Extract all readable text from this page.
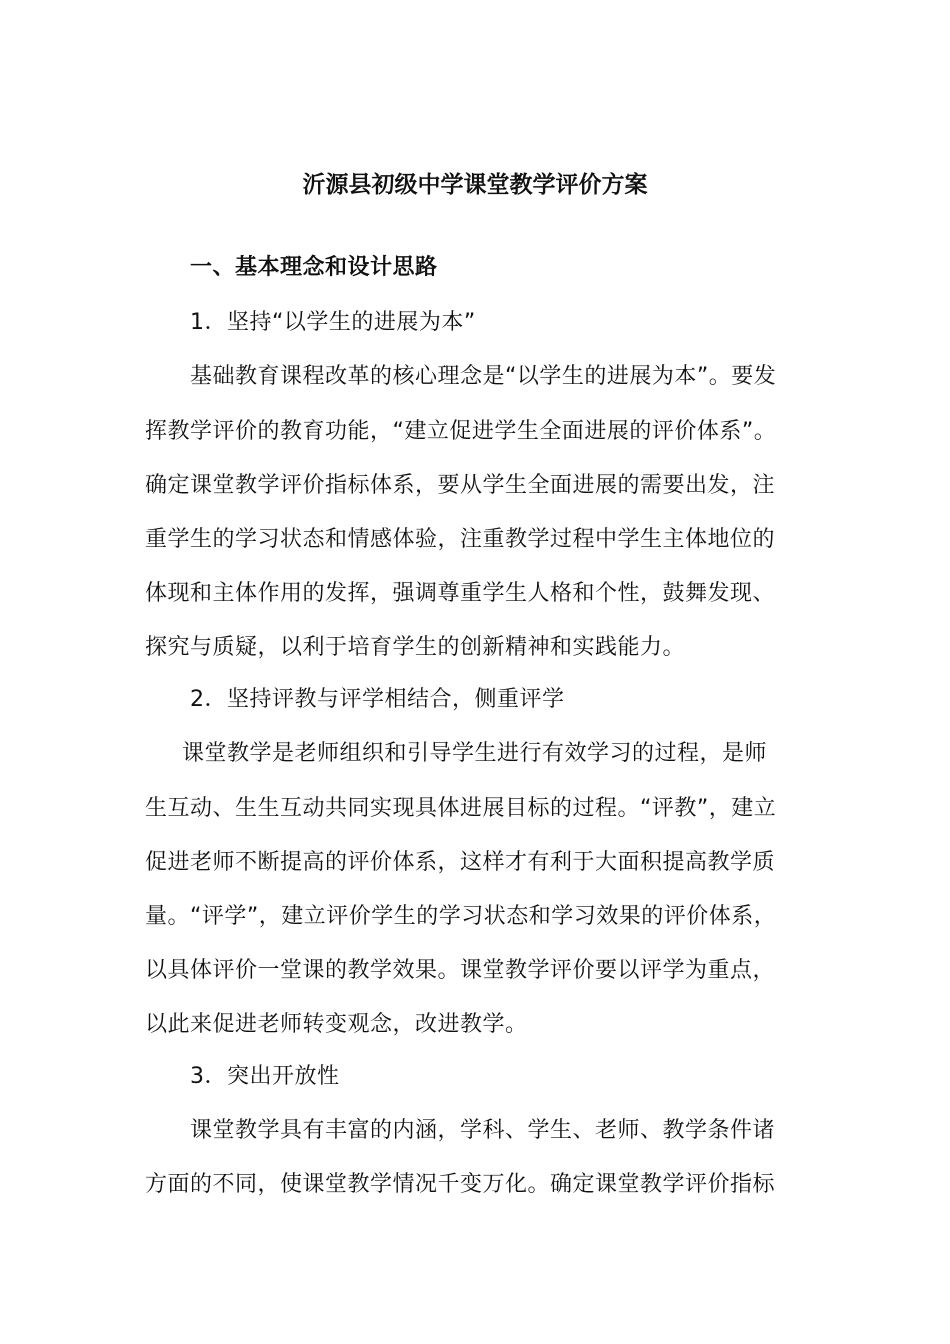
沂源县初级中学课堂教学评价方案
一、基本理念和设计思路
1．坚持“以学生的进展为本”
基础教育课程改革的核心理念是“以学生的进展为本”。要发
挥教学评价的教育功能，“建立促进学生全面进展的评价体系”。
确定课堂教学评价指标体系，要从学生全面进展的需要出发，注
重学生的学习状态和情感体验，注重教学过程中学生主体地位的
体现和主体作用的发挥，强调尊重学生人格和个性，鼓舞发现、
探究与质疑，以利于培育学生的创新精神和实践能力。
2．坚持评教与评学相结合，侧重评学
课堂教学是老师组织和引导学生进行有效学习的过程，是师
生互动、生生互动共同实现具体进展目标的过程。“评教”，建立
促进老师不断提高的评价体系，这样才有利于大面积提高教学质
量。“评学”，建立评价学生的学习状态和学习效果的评价体系，
以具体评价一堂课的教学效果。课堂教学评价要以评学为重点，
以此来促进老师转变观念，改进教学。
3．突出开放性
课堂教学具有丰富的内涵，学科、学生、老师、教学条件诸
方面的不同，使课堂教学情况千变万化。确定课堂教学评价指标
